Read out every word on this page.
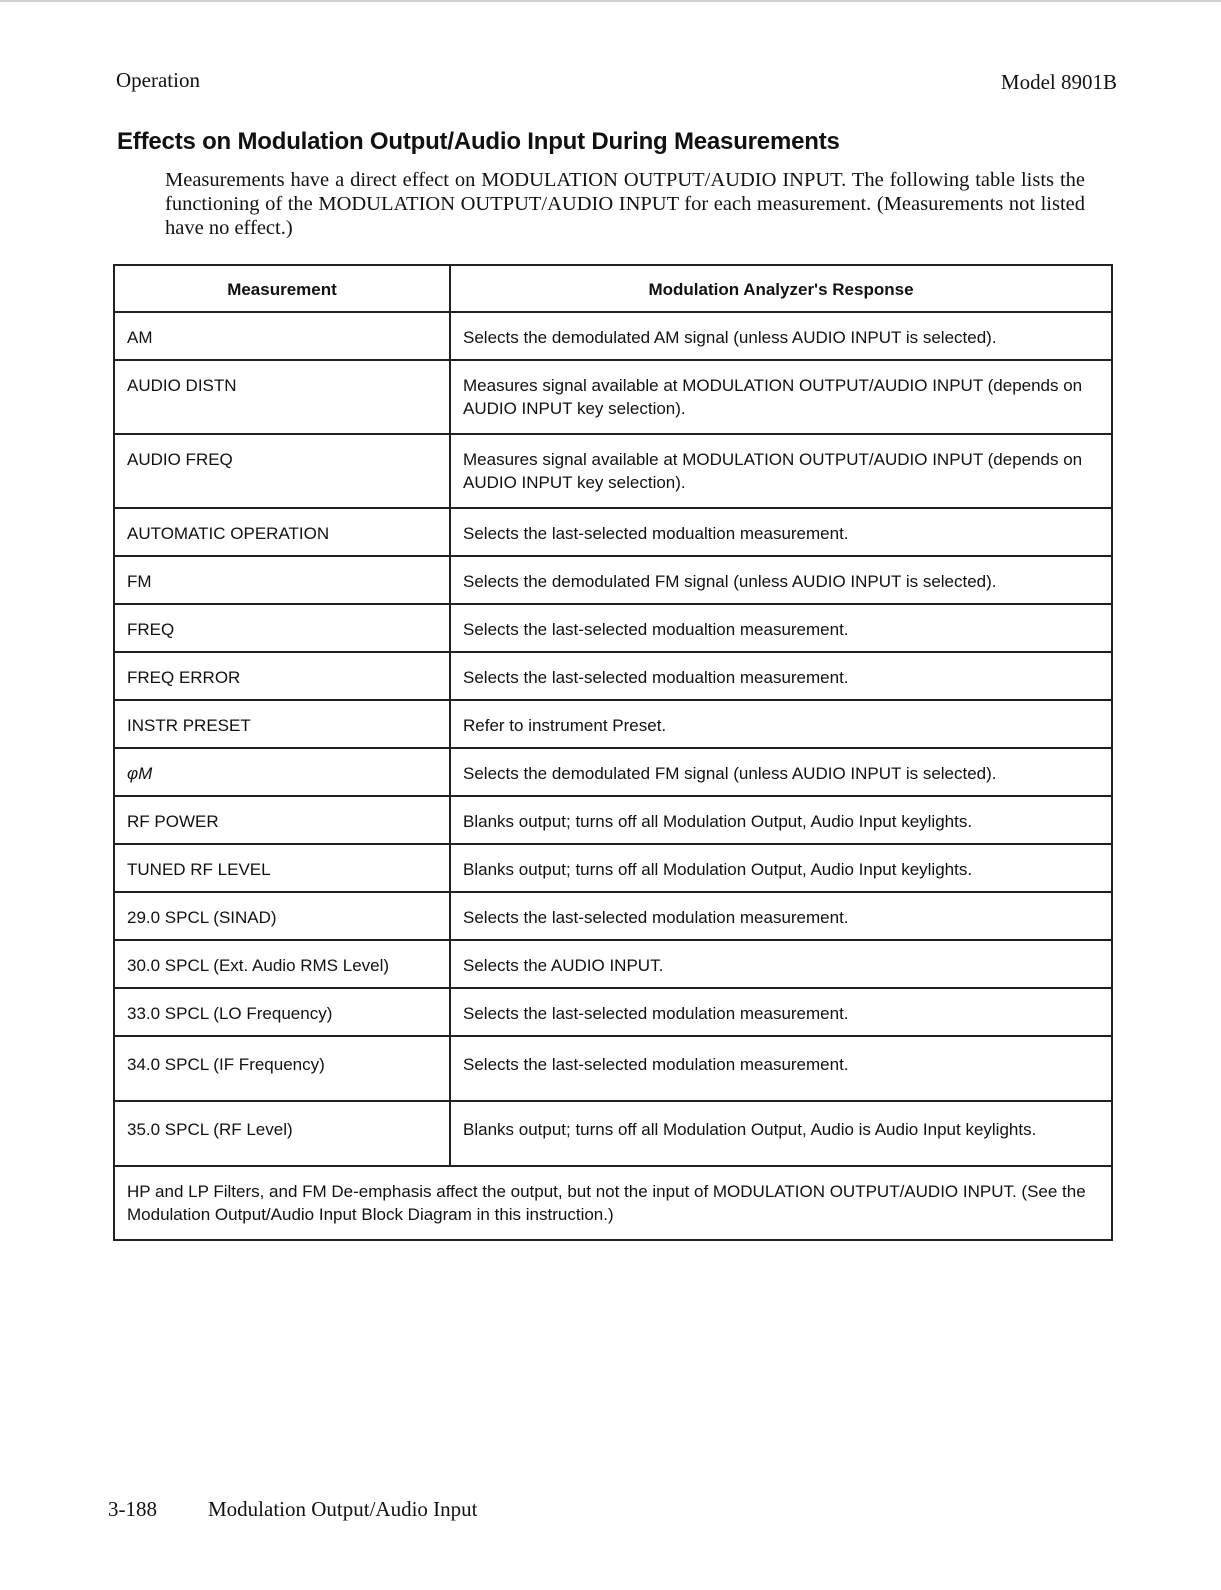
Operation	Model 8901B
Effects on Modulation Output/Audio Input During Measurements
Measurements have a direct effect on MODULATION OUTPUT/AUDIO INPUT. The following table lists the functioning of the MODULATION OUTPUT/AUDIO INPUT for each measurement. (Measurements not listed have no effect.)
Measurement	Modulation Analyzer's Response
AM	Selects the demodulated AM signal (unless AUDIO INPUT is selected).
AUDIO DISTN	Measures signal available at MODULATION OUTPUT/AUDIO INPUT (depends on AUDIO INPUT key selection).
AUDIO FREQ	Measures signal available at MODULATION OUTPUT/AUDIO INPUT (depends on AUDIO INPUT key selection).
AUTOMATIC OPERATION	Selects the last-selected modualtion measurement.
FM	Selects the demodulated FM signal (unless AUDIO INPUT is selected).
FREQ	Selects the last-selected modualtion measurement.
FREQ ERROR	Selects the last-selected modualtion measurement.
INSTR PRESET	Refer to instrument Preset.
φM	Selects the demodulated FM signal (unless AUDIO INPUT is selected).
RF POWER	Blanks output; turns off all Modulation Output, Audio Input keylights.
TUNED RF LEVEL	Blanks output; turns off all Modulation Output, Audio Input keylights.
29.0 SPCL (SINAD)	Selects the last-selected modulation measurement.
30.0 SPCL (Ext. Audio RMS Level)	Selects the AUDIO INPUT.
33.0 SPCL (LO Frequency)	Selects the last-selected modulation measurement.
34.0 SPCL (IF Frequency)	Selects the last-selected modulation measurement.
35.0 SPCL (RF Level)	Blanks output; turns off all Modulation Output, Audio is Audio Input keylights.
HP and LP Filters, and FM De-emphasis affect the output, but not the input of MODULATION OUTPUT/AUDIO INPUT. (See the Modulation Output/Audio Input Block Diagram in this instruction.)	
3-188 Modulation Output/Audio Input
